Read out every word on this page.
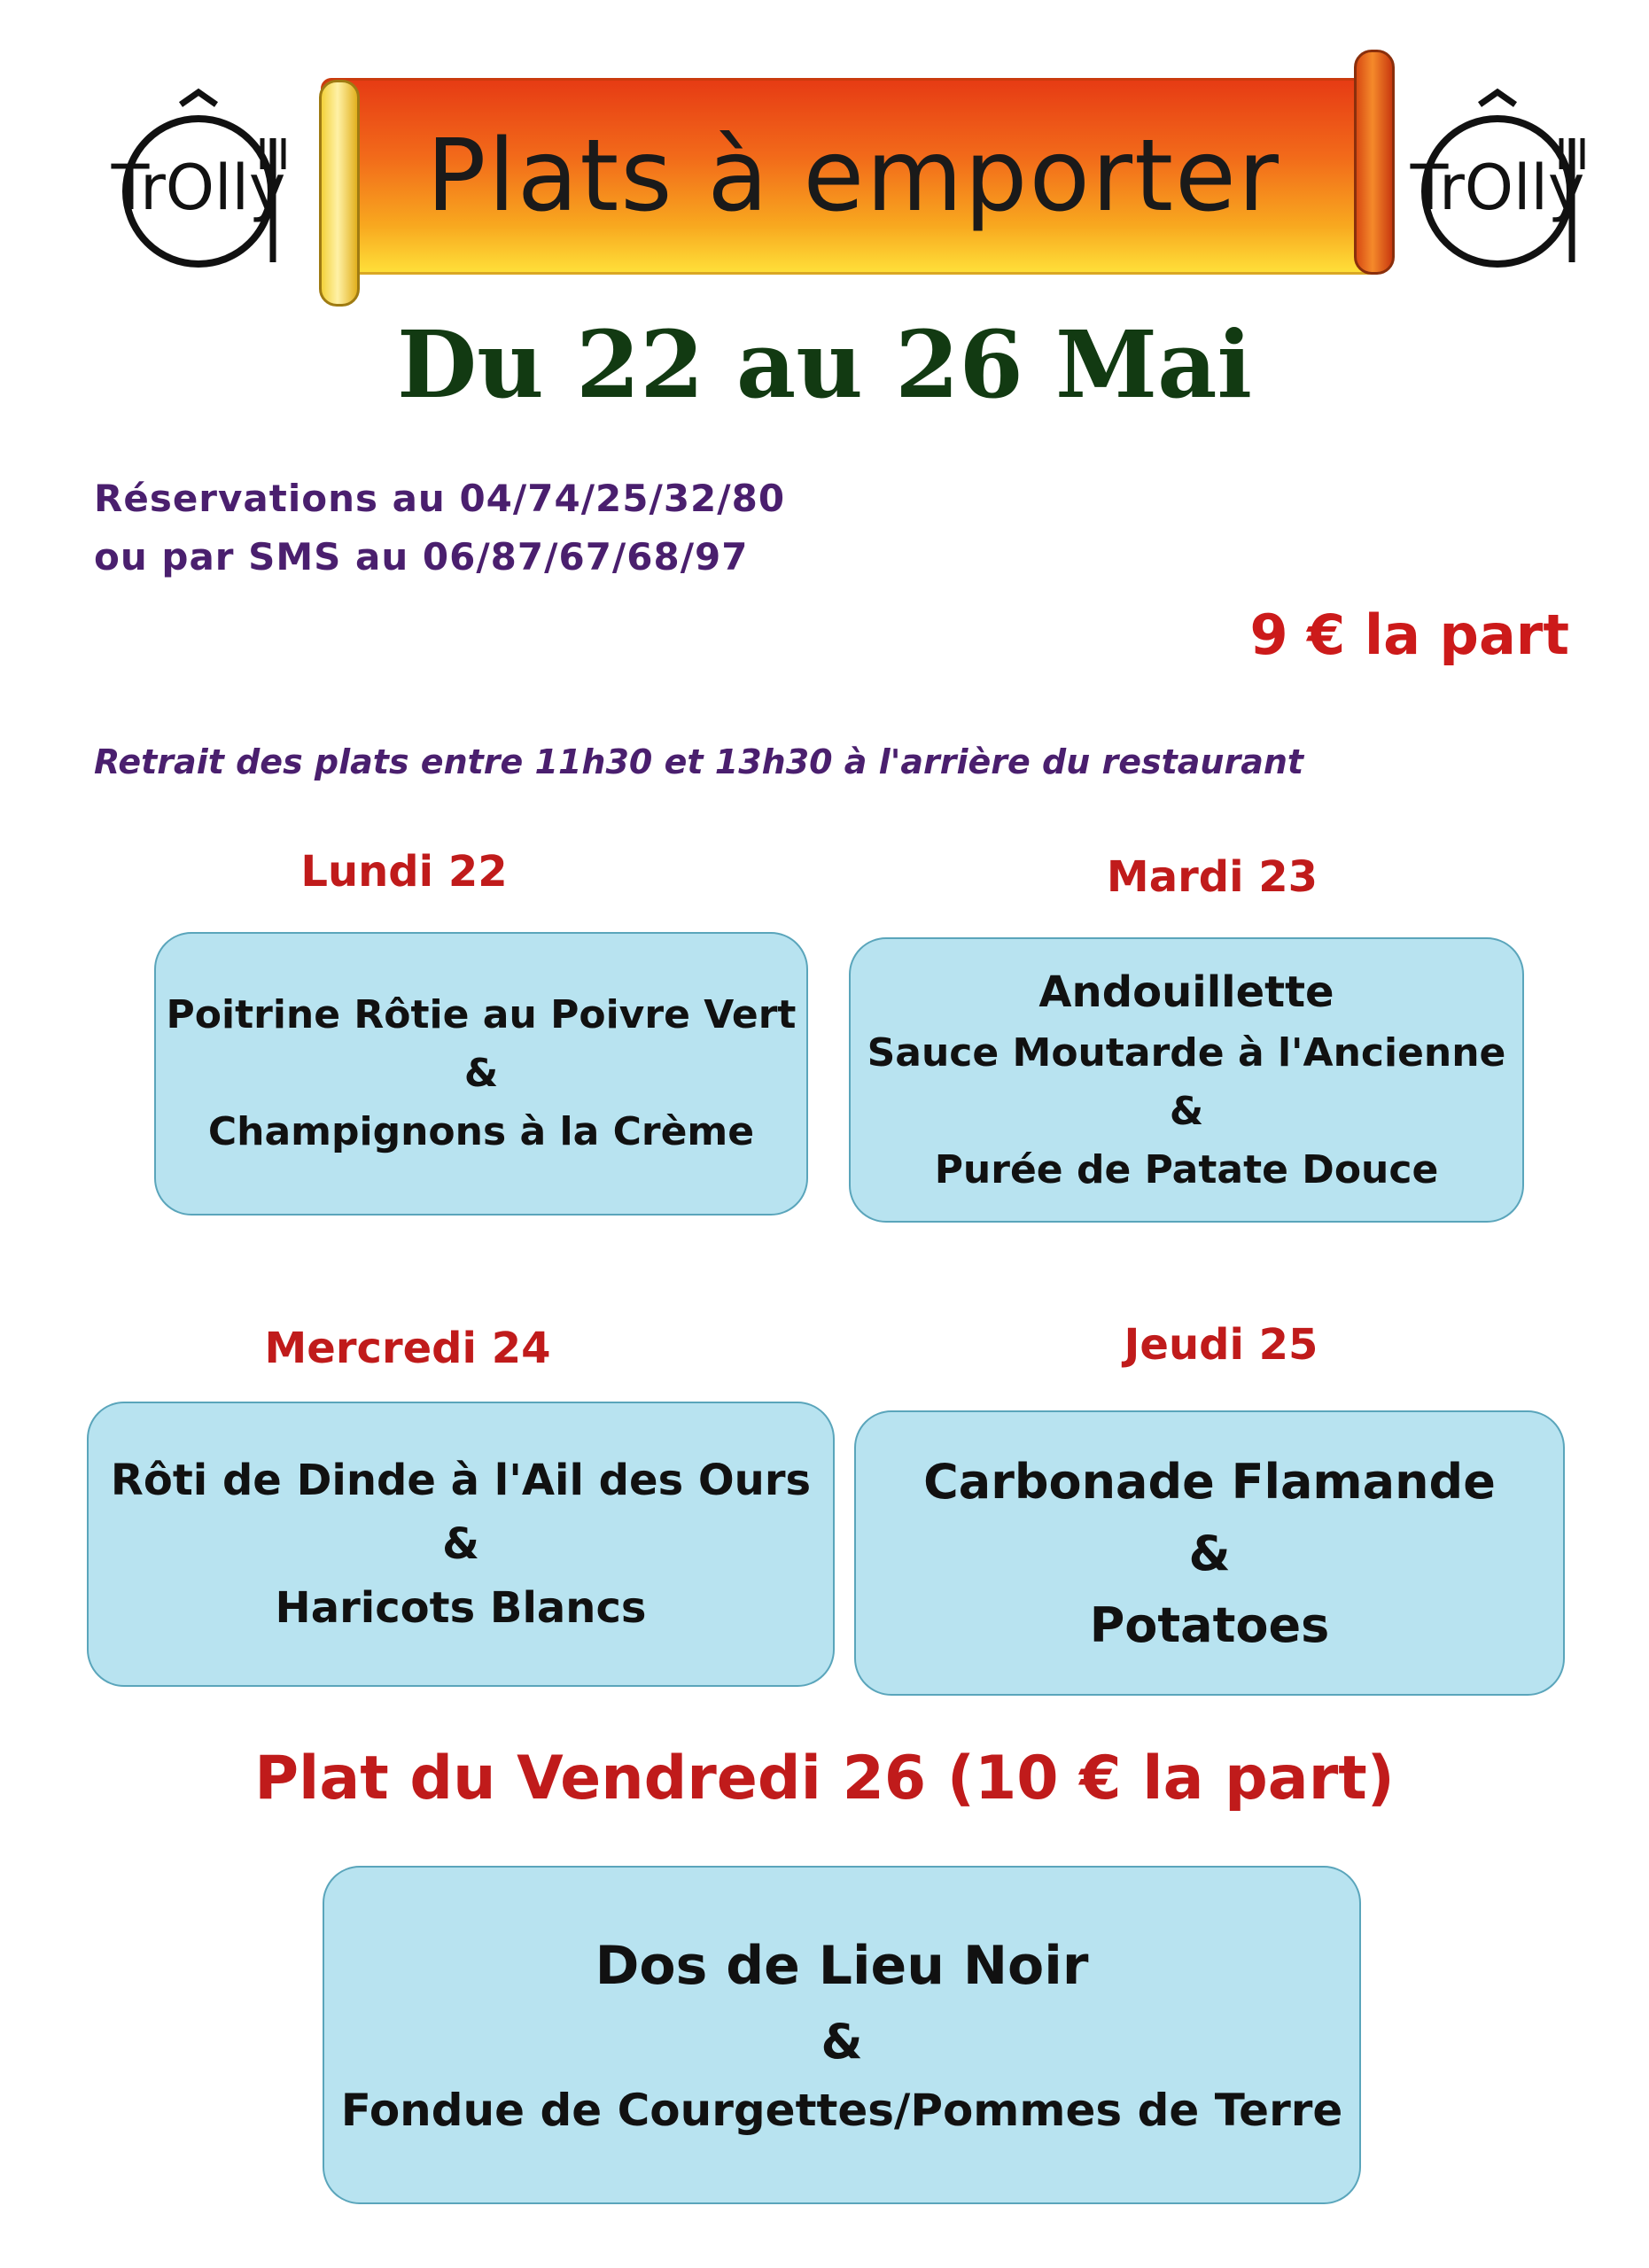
TrOlly	TrOlly
Plats à emporter
Du 22 au 26 Mai
Réservations au 04/74/25/32/80
ou par SMS au 06/87/67/68/97
9 € la part
Retrait des plats entre 11h30 et 13h30 à l'arrière du restaurant
Lundi 22
Poitrine Rôtie au Poivre Vert
&
Champignons à la Crème
Mardi 23
Andouillette
Sauce Moutarde à l'Ancienne
&
Purée de Patate Douce
Mercredi 24
Rôti de Dinde à l'Ail des Ours
&
Haricots Blancs
Jeudi 25
Carbonade Flamande
&
Potatoes
Plat du Vendredi 26 (10 € la part)
Dos de Lieu Noir
&
Fondue de Courgettes/Pommes de Terre
